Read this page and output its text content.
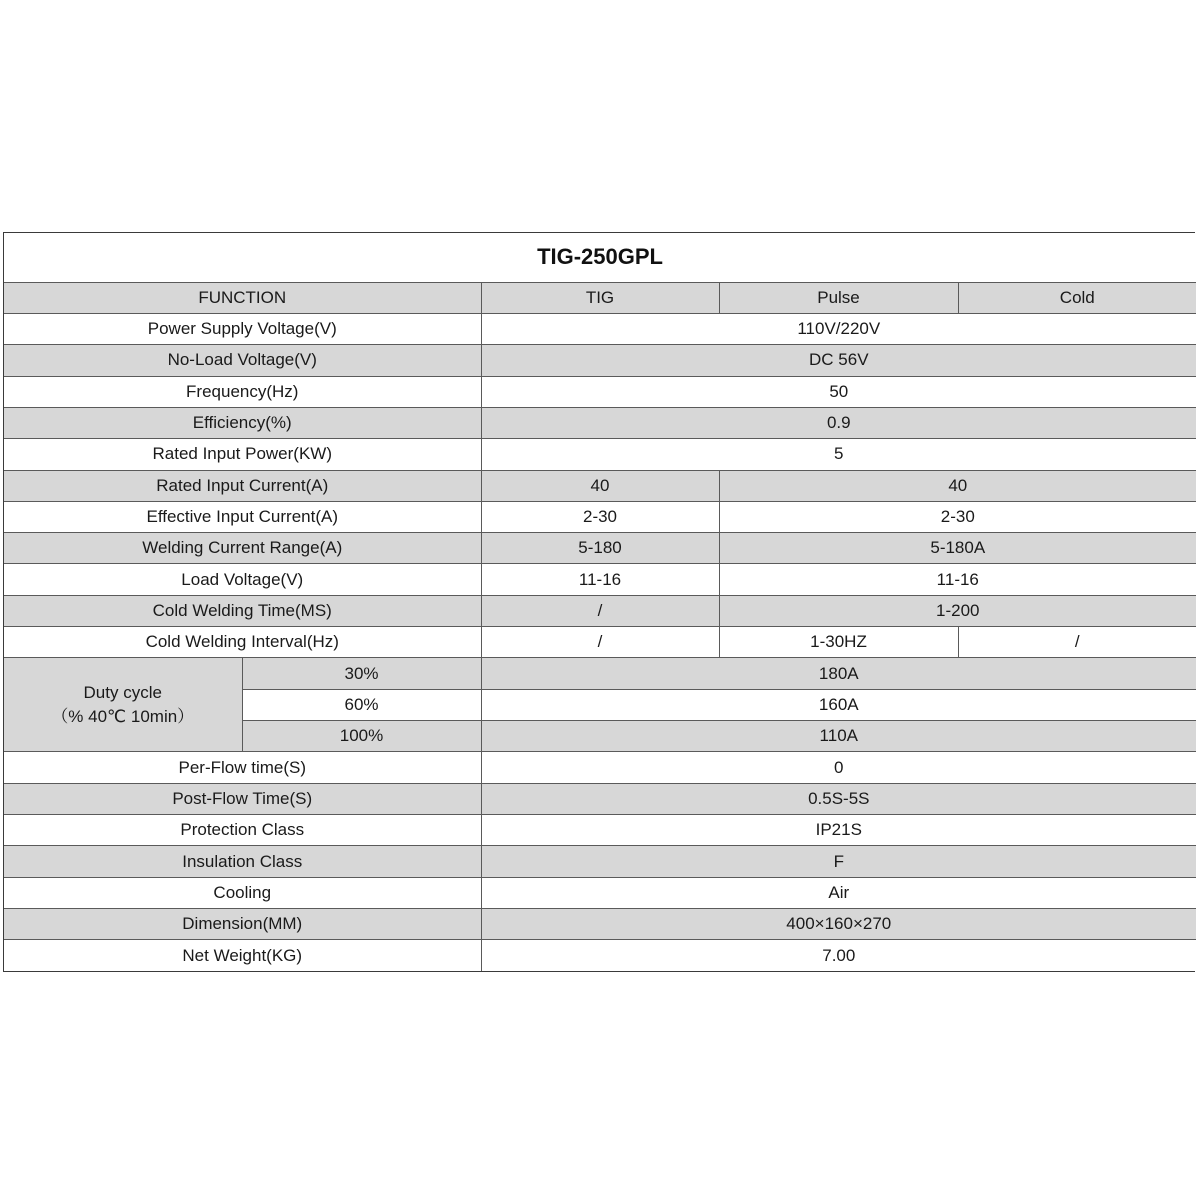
TIG-250GPL				
FUNCTION		TIG	Pulse	Cold
Power Supply Voltage(V)		110V/220V		
No-Load Voltage(V)		DC 56V		
Frequency(Hz)		50		
Efficiency(%)		0.9		
Rated Input Power(KW)		5		
Rated Input Current(A)		40	40	
Effective Input Current(A)		2-30	2-30	
Welding Current Range(A)		5-180	5-180A	
Load Voltage(V)		11-16	11-16	
Cold Welding Time(MS)		/	1-200	
Cold Welding Interval(Hz)		/	1-30HZ	/

Duty cycle
（% 40℃ 10min）	30%	180A		
	60%	160A		
	100%	110A		
Per-Flow time(S)		0		
Post-Flow Time(S)		0.5S-5S		
Protection Class		IP21S		
Insulation Class		F		
Cooling		Air		
Dimension(MM)		400×160×270		
Net Weight(KG)		7.00		
